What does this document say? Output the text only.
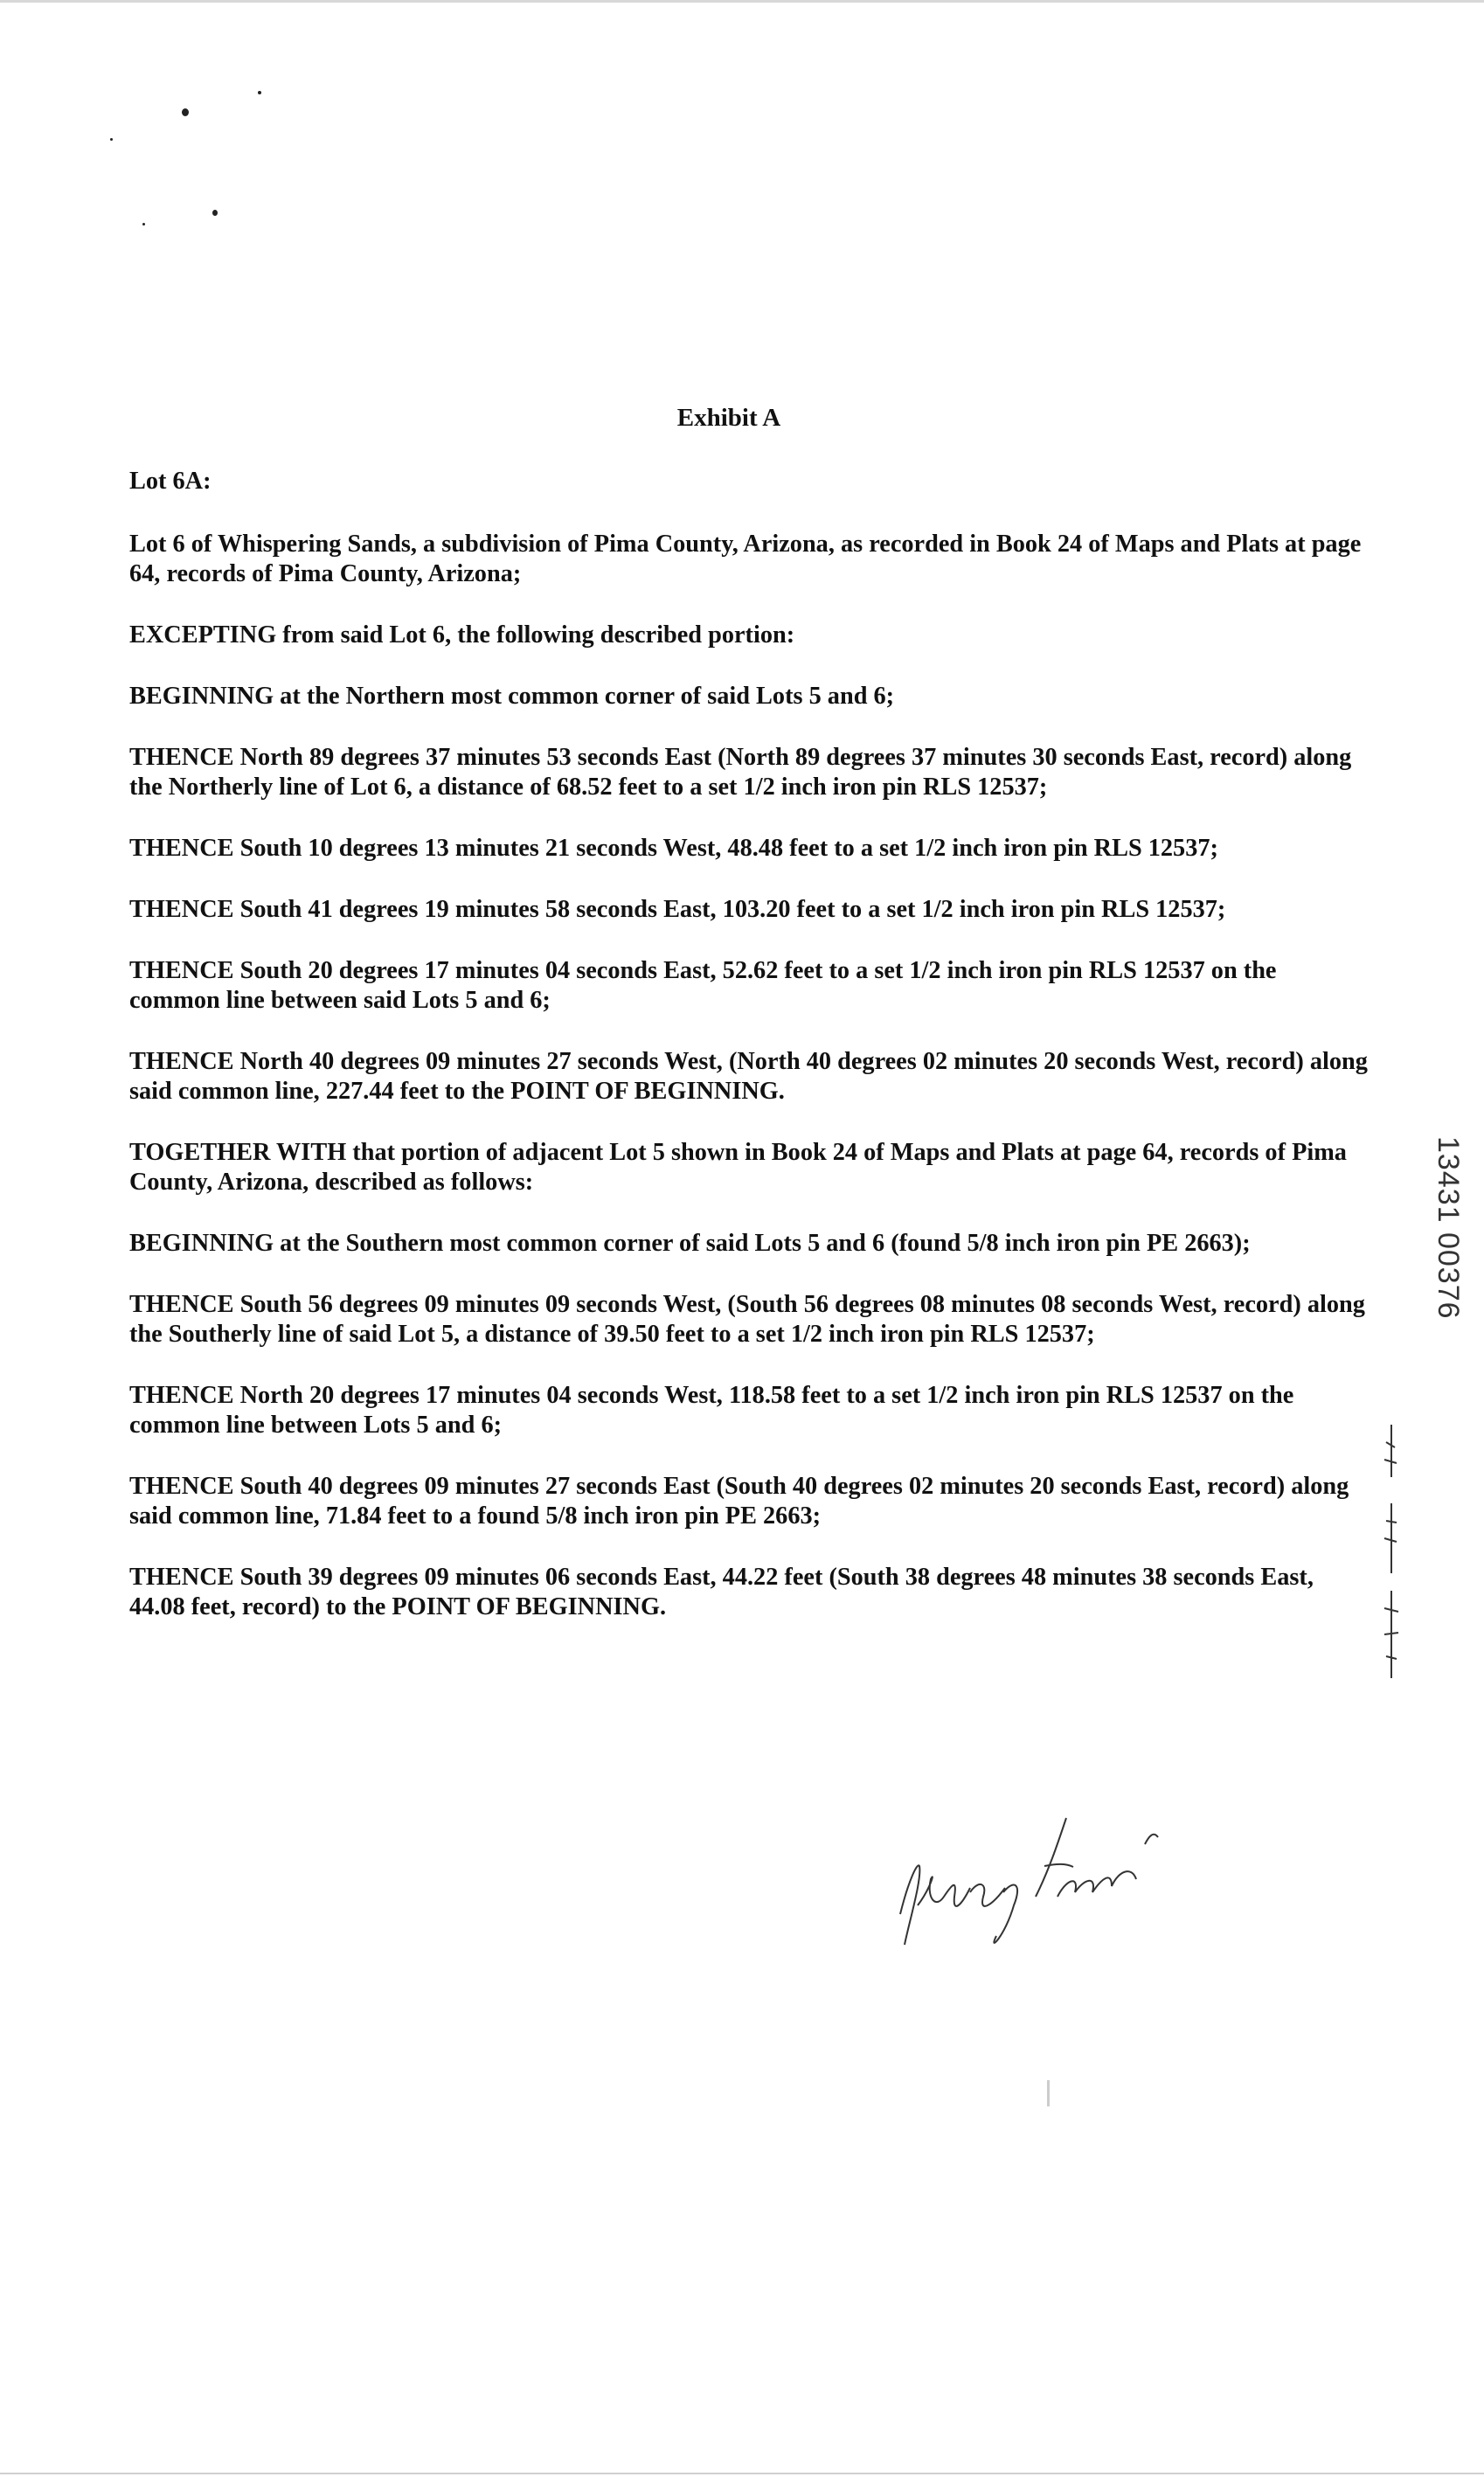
Exhibit A

Lot 6A:

Lot 6 of Whispering Sands, a subdivision of Pima County, Arizona, as recorded in Book 24 of Maps and Plats at page 64, records of Pima County, Arizona;

EXCEPTING from said Lot 6, the following described portion:

BEGINNING at the Northern most common corner of said Lots 5 and 6;

THENCE North 89 degrees 37 minutes 53 seconds East (North 89 degrees 37 minutes 30 seconds East, record) along the Northerly line of Lot 6, a distance of 68.52 feet to a set 1/2 inch iron pin RLS 12537;

THENCE South 10 degrees 13 minutes 21 seconds West, 48.48 feet to a set 1/2 inch iron pin RLS 12537;

THENCE South 41 degrees 19 minutes 58 seconds East, 103.20 feet to a set 1/2 inch iron pin RLS 12537;

THENCE South 20 degrees 17 minutes 04 seconds East, 52.62 feet to a set 1/2 inch iron pin RLS 12537 on the common line between said Lots 5 and 6;

THENCE North 40 degrees 09 minutes 27 seconds West, (North 40 degrees 02 minutes 20 seconds West, record) along said common line, 227.44 feet to the POINT OF BEGINNING.

TOGETHER WITH that portion of adjacent Lot 5 shown in Book 24 of Maps and Plats at page 64, records of Pima County, Arizona, described as follows:

BEGINNING at the Southern most common corner of said Lots 5 and 6 (found 5/8 inch iron pin PE 2663);

THENCE South 56 degrees 09 minutes 09 seconds West, (South 56 degrees 08 minutes 08 seconds West, record) along the Southerly line of said Lot 5, a distance of 39.50 feet to a set 1/2 inch iron pin RLS 12537;

THENCE North 20 degrees 17 minutes 04 seconds West, 118.58 feet to a set 1/2 inch iron pin RLS 12537 on the common line between Lots 5 and 6;

THENCE South 40 degrees 09 minutes 27 seconds East (South 40 degrees 02 minutes 20 seconds East, record) along said common line, 71.84 feet to a found 5/8 inch iron pin PE 2663;

THENCE South 39 degrees 09 minutes 06 seconds East, 44.22 feet (South 38 degrees 48 minutes 38 seconds East, 44.08 feet, record) to the POINT OF BEGINNING.

13431 00376
